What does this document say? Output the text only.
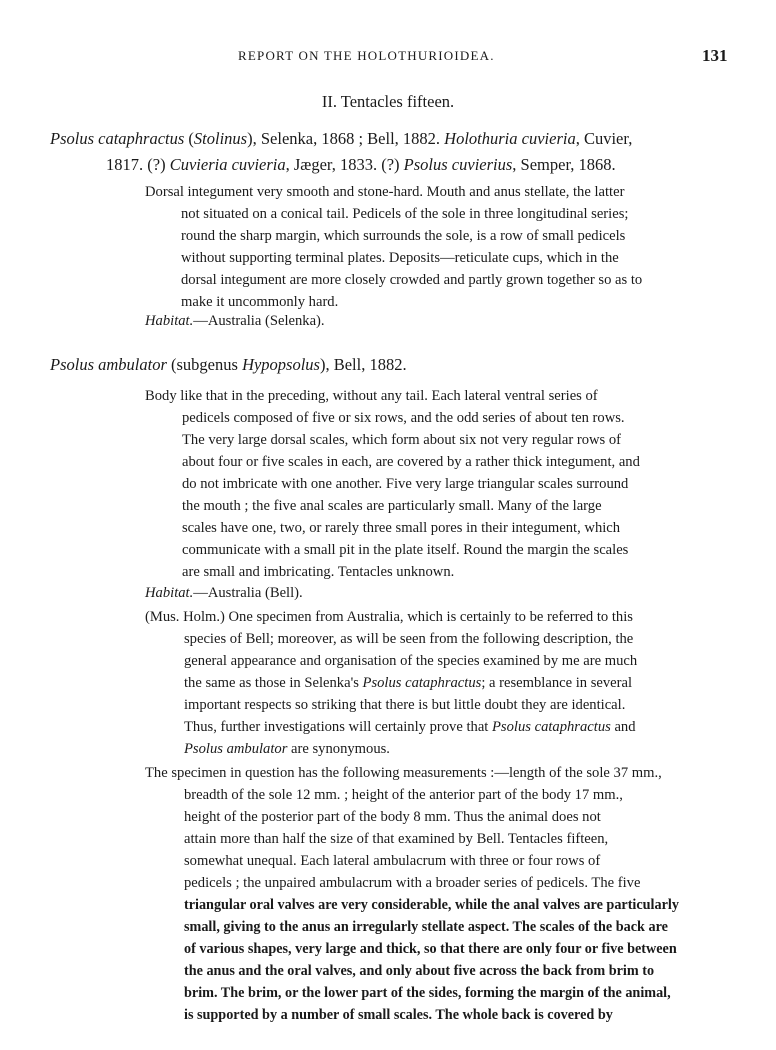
REPORT ON THE HOLOTHURIOIDEA.	131
II. Tentacles fifteen.
Psolus cataphractus (Stolinus), Selenka, 1868 ; Bell, 1882. Holothuria cuvieria, Cuvier,
1817. (?) Cuvieria cuvieria, Jæger, 1833. (?) Psolus cuvierius, Semper, 1868.
Dorsal integument very smooth and stone-hard. Mouth and anus stellate, the latter
not situated on a conical tail. Pedicels of the sole in three longitudinal series;
round the sharp margin, which surrounds the sole, is a row of small pedicels
without supporting terminal plates. Deposits—reticulate cups, which in the
dorsal integument are more closely crowded and partly grown together so as to
make it uncommonly hard.
Habitat.—Australia (Selenka).
Psolus ambulator (subgenus Hypopsolus), Bell, 1882.
Body like that in the preceding, without any tail. Each lateral ventral series of
pedicels composed of five or six rows, and the odd series of about ten rows.
The very large dorsal scales, which form about six not very regular rows of
about four or five scales in each, are covered by a rather thick integument, and
do not imbricate with one another. Five very large triangular scales surround
the mouth ; the five anal scales are particularly small. Many of the large
scales have one, two, or rarely three small pores in their integument, which
communicate with a small pit in the plate itself. Round the margin the scales
are small and imbricating. Tentacles unknown.
Habitat.—Australia (Bell).
(Mus. Holm.) One specimen from Australia, which is certainly to be referred to this
species of Bell; moreover, as will be seen from the following description, the
general appearance and organisation of the species examined by me are much
the same as those in Selenka's Psolus cataphractus; a resemblance in several
important respects so striking that there is but little doubt they are identical.
Thus, further investigations will certainly prove that Psolus cataphractus and
Psolus ambulator are synonymous.
The specimen in question has the following measurements :—length of the sole 37 mm.,
breadth of the sole 12 mm. ; height of the anterior part of the body 17 mm.,
height of the posterior part of the body 8 mm. Thus the animal does not
attain more than half the size of that examined by Bell. Tentacles fifteen,
somewhat unequal. Each lateral ambulacrum with three or four rows of
pedicels ; the unpaired ambulacrum with a broader series of pedicels. The five
triangular oral valves are very considerable, while the anal valves are particularly
small, giving to the anus an irregularly stellate aspect. The scales of the back are
of various shapes, very large and thick, so that there are only four or five between
the anus and the oral valves, and only about five across the back from brim to
brim. The brim, or the lower part of the sides, forming the margin of the animal,
is supported by a number of small scales. The whole back is covered by
